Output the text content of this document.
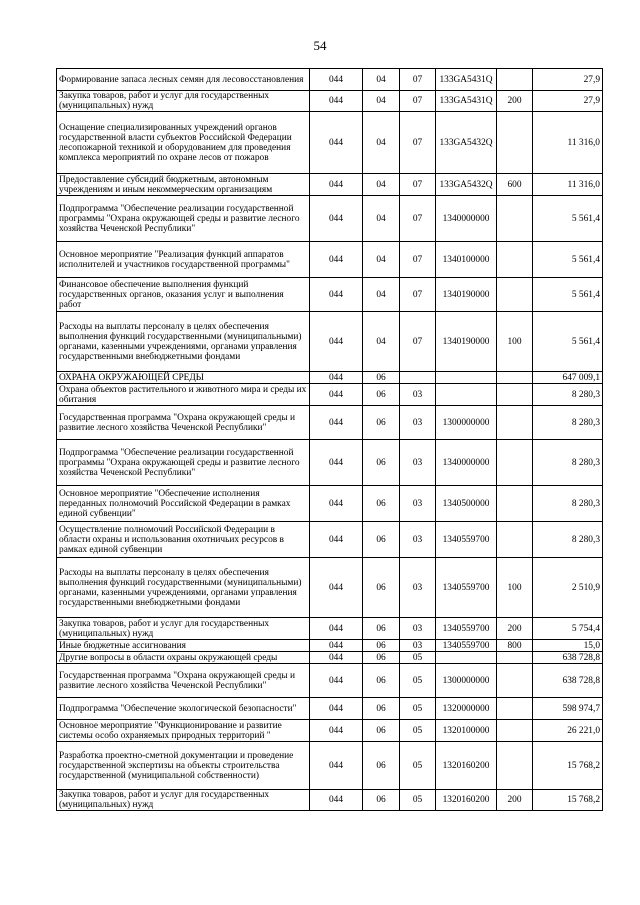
54
Формирование запаса лесных семян для лесовосстановления	044	04	07	133GA5431Q		27,9
Закупка товаров, работ и услуг для государственных (муниципальных) нужд	044	04	07	133GA5431Q	200	27,9
Оснащение специализированных учреждений органов государственной власти субъектов Российской Федерации лесопожарной техникой и оборудованием для проведения комплекса мероприятий по охране лесов от пожаров	044	04	07	133GA5432Q		11 316,0
Предоставление субсидий бюджетным, автономным учреждениям и иным некоммерческим организациям	044	04	07	133GA5432Q	600	11 316,0
Подпрограмма "Обеспечение реализации государственной программы "Охрана окружающей среды и развитие лесного хозяйства Чеченской Республики"	044	04	07	1340000000		5 561,4
Основное мероприятие "Реализация функций аппаратов исполнителей и участников государственной программы"	044	04	07	1340100000		5 561,4
Финансовое обеспечение выполнения функций государственных органов, оказания услуг и выполнения работ	044	04	07	1340190000		5 561,4
Расходы на выплаты персоналу в целях обеспечения выполнения функций государственными (муниципальными) органами, казенными учреждениями, органами управления государственными внебюджетными фондами	044	04	07	1340190000	100	5 561,4
ОХРАНА ОКРУЖАЮЩЕЙ СРЕДЫ	044	06				647 009,1
Охрана объектов растительного и животного мира и среды их обитания	044	06	03			8 280,3
Государственная программа "Охрана окружающей среды и развитие лесного хозяйства Чеченской Республики"	044	06	03	1300000000		8 280,3
Подпрограмма "Обеспечение реализации государственной программы "Охрана окружающей среды и развитие лесного хозяйства Чеченской Республики"	044	06	03	1340000000		8 280,3
Основное мероприятие "Обеспечение исполнения переданных полномочий Российской Федерации в рамках единой субвенции"	044	06	03	1340500000		8 280,3
Осуществление полномочий Российской Федерации в области охраны и использования охотничьих ресурсов в рамках единой субвенции	044	06	03	1340559700		8 280,3
Расходы на выплаты персоналу в целях обеспечения выполнения функций государственными (муниципальными) органами, казенными учреждениями, органами управления государственными внебюджетными фондами	044	06	03	1340559700	100	2 510,9
Закупка товаров, работ и услуг для государственных (муниципальных) нужд	044	06	03	1340559700	200	5 754,4
Иные бюджетные ассигнования	044	06	03	1340559700	800	15,0
Другие вопросы в области охраны окружающей среды	044	06	05			638 728,8
Государственная программа "Охрана окружающей среды и развитие лесного хозяйства Чеченской Республики"	044	06	05	1300000000		638 728,8
Подпрограмма "Обеспечение экологической безопасности"	044	06	05	1320000000		598 974,7
Основное мероприятие "Функционирование и развитие системы особо охраняемых природных территорий "	044	06	05	1320100000		26 221,0
Разработка проектно-сметной документации и проведение государственной экспертизы на объекты строительства государственной (муниципальной собственности)	044	06	05	1320160200		15 768,2
Закупка товаров, работ и услуг для государственных (муниципальных) нужд	044	06	05	1320160200	200	15 768,2
